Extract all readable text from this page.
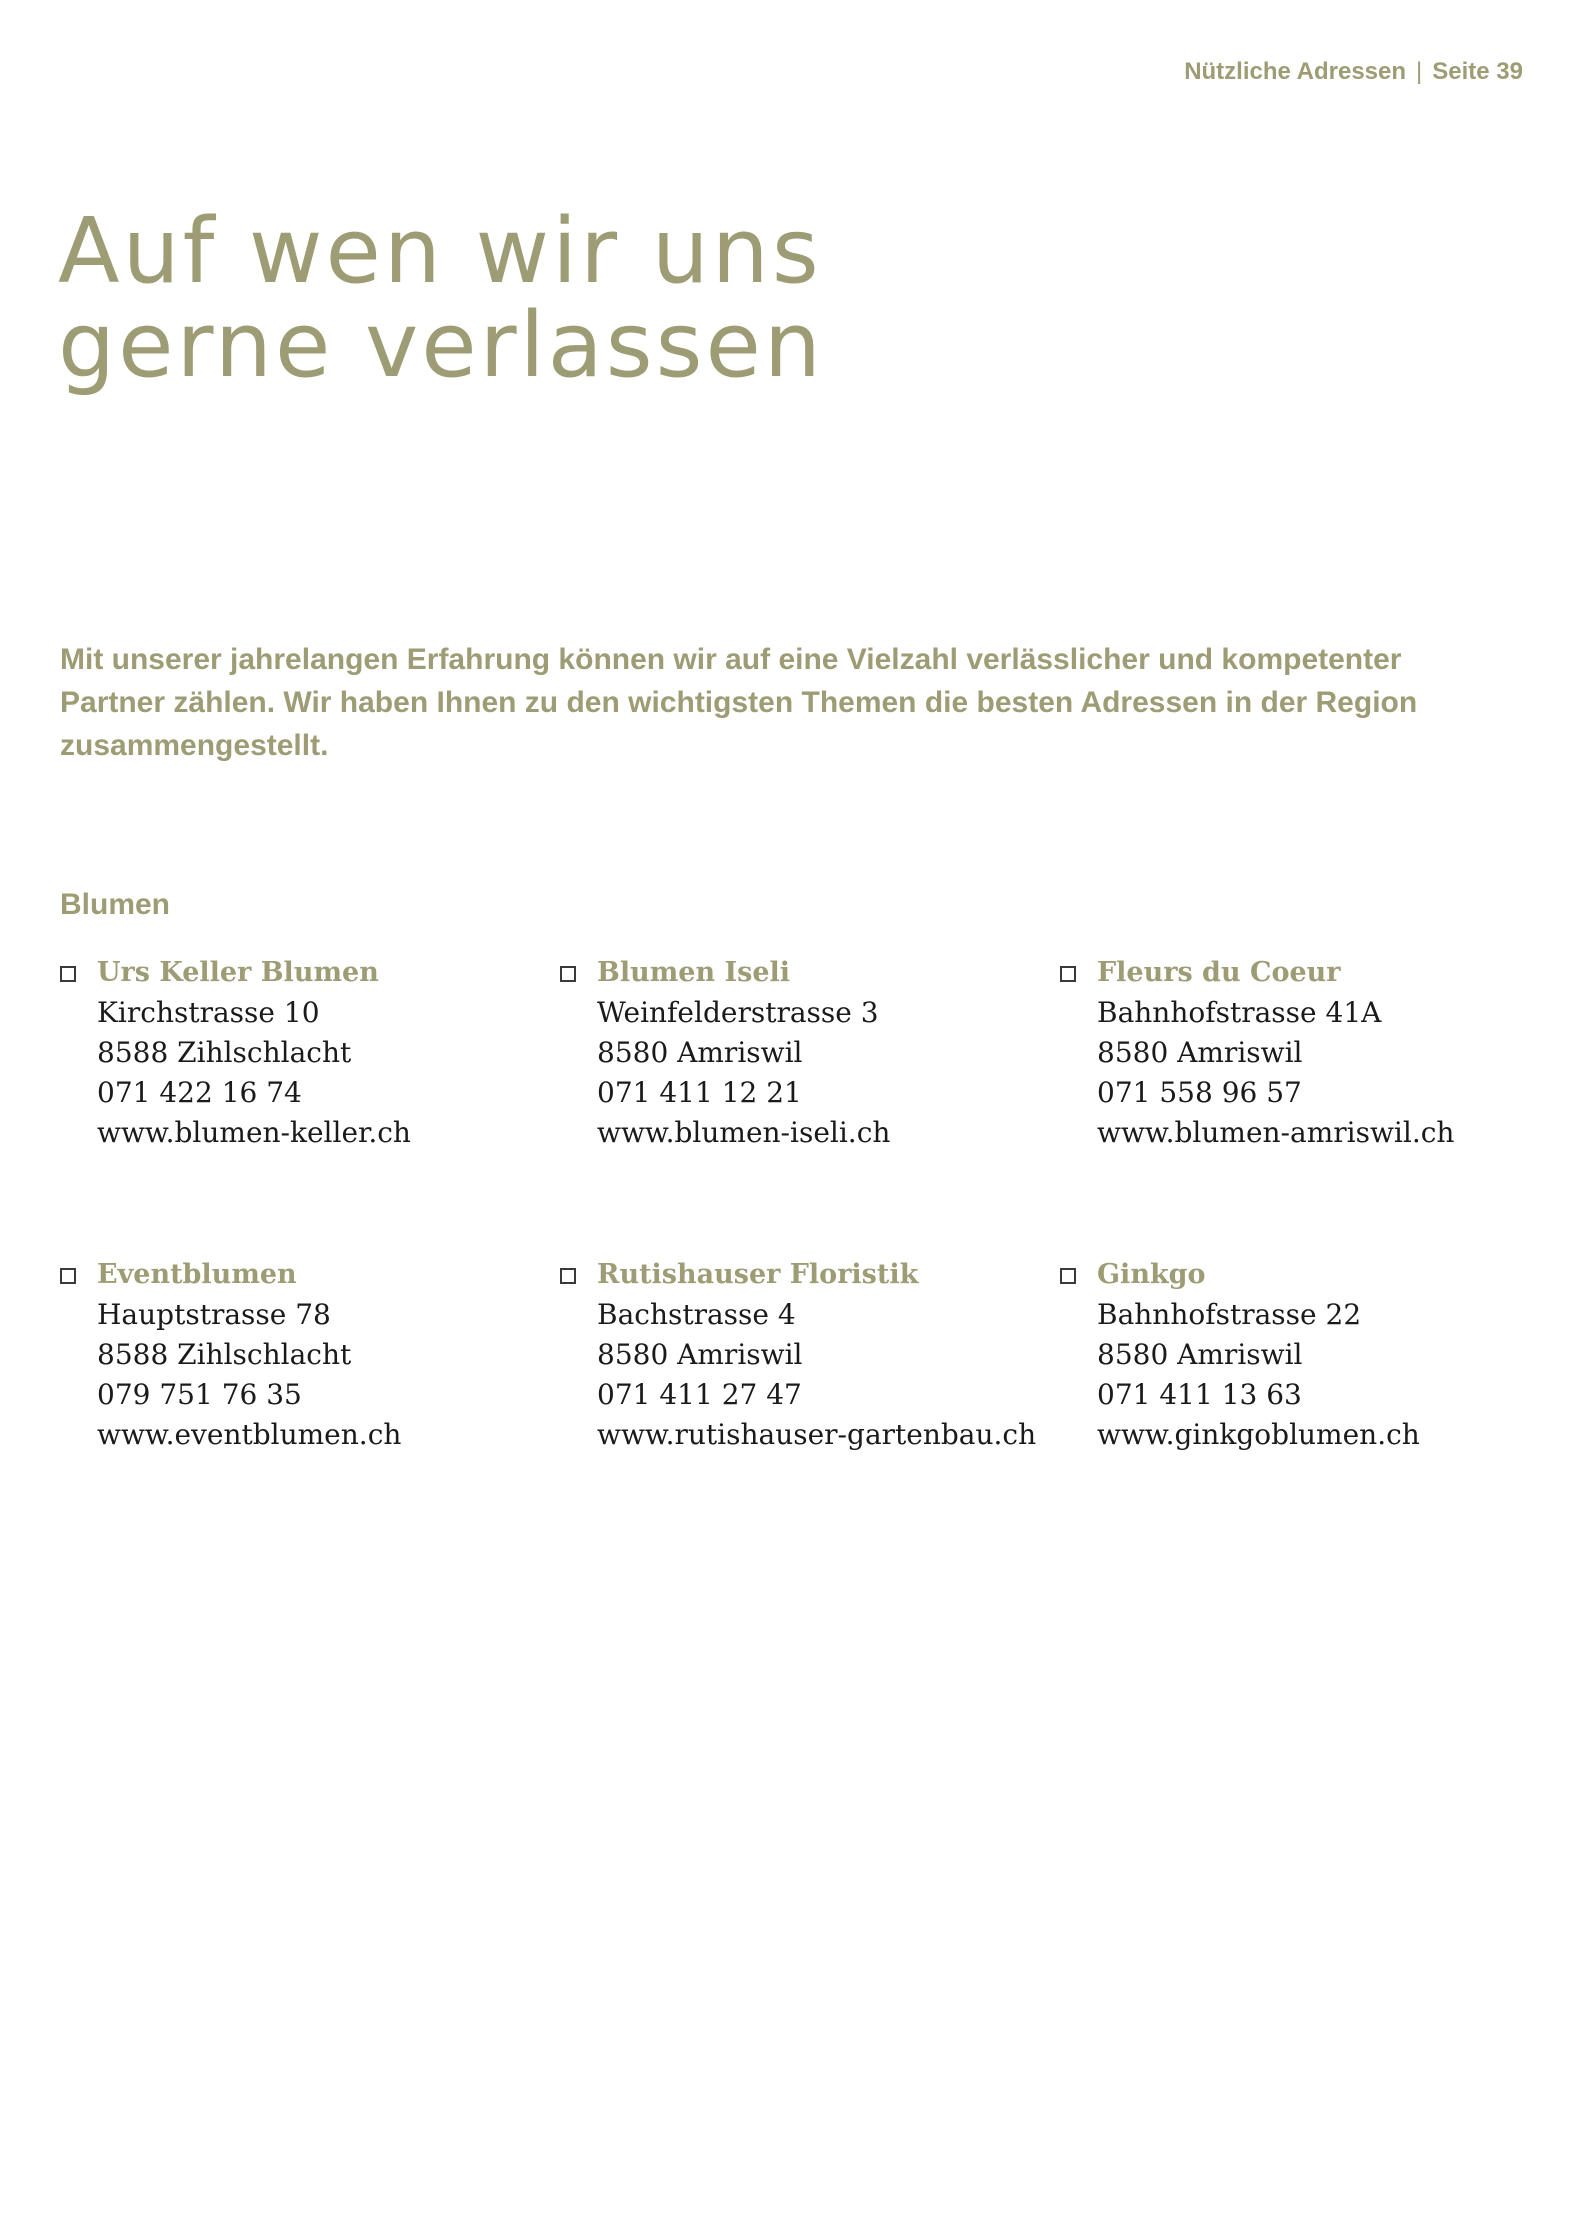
Nützliche Adressen | Seite 39
Auf wen wir uns
gerne verlassen

Mit unserer jahrelangen Erfahrung können wir auf eine Vielzahl verlässlicher und kompetenter Partner zählen. Wir haben Ihnen zu den wichtigsten Themen die besten Adressen in der Region zusammengestellt.

Blumen
Urs Keller Blumen
Kirchstrasse 10
8588 Zihlschlacht
071 422 16 74
www.blumen-keller.ch
Blumen Iseli
Weinfelderstrasse 3
8580 Amriswil
071 411 12 21
www.blumen-iseli.ch
Fleurs du Coeur
Bahnhofstrasse 41A
8580 Amriswil
071 558 96 57
www.blumen-amriswil.ch
Eventblumen
Hauptstrasse 78
8588 Zihlschlacht
079 751 76 35
www.eventblumen.ch
Rutishauser Floristik
Bachstrasse 4
8580 Amriswil
071 411 27 47
www.rutishauser-gartenbau.ch
Ginkgo
Bahnhofstrasse 22
8580 Amriswil
071 411 13 63
www.ginkgoblumen.ch
